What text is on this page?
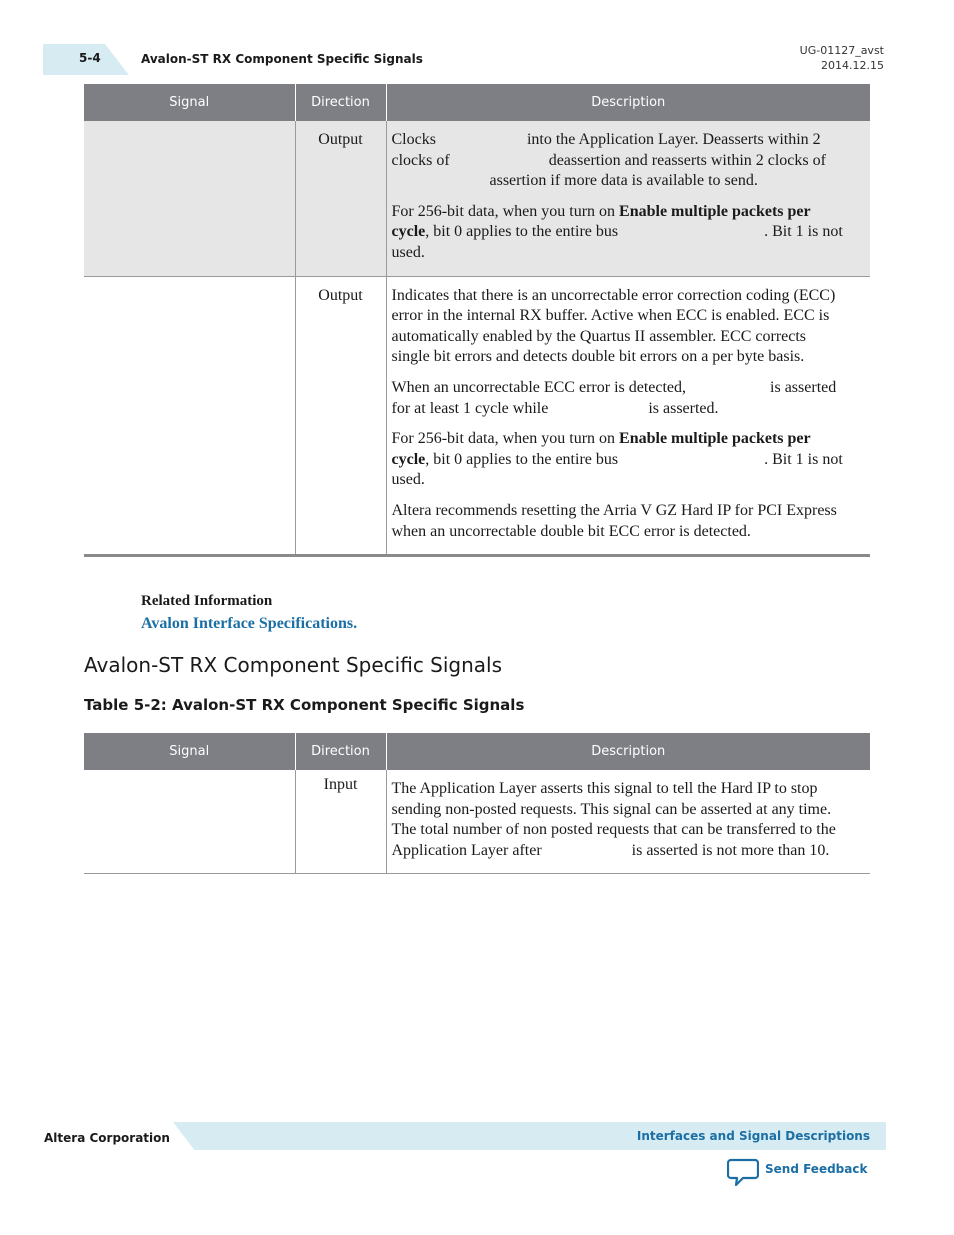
5-4	Avalon-ST RX Component Specific Signals
UG-01127_avst
2014.12.15
Signal	Direction	Description
	Output	Clocks into the Application Layer. Deasserts within 2 clocks of deassertion and reasserts within 2 clocks ofassertion if more data is available to send.

For 256-bit data, when you turn on Enable multiple packets per cycle, bit 0 applies to the entire bus . Bit 1 is not used.

	Output	Indicates that there is an uncorrectable error correction coding (ECC) error in the internal RX buffer. Active when ECC is enabled. ECC is automatically enabled by the Quartus II assembler. ECC corrects single bit errors and detects double bit errors on a per byte basis.

When an uncorrectable ECC error is detected, is asserted for at least 1 cycle while is asserted.

For 256-bit data, when you turn on Enable multiple packets per cycle, bit 0 applies to the entire bus . Bit 1 is not used.

Altera recommends resetting the Arria V GZ Hard IP for PCI Express when an uncorrectable double bit ECC error is detected.

Related Information
Avalon Interface Specifications.
Avalon-ST RX Component Specific Signals
Table 5-2: Avalon-ST RX Component Specific Signals
Signal	Direction	Description
	Input	The Application Layer asserts this signal to tell the Hard IP to stop sending non-posted requests. This signal can be asserted at any time. The total number of non posted requests that can be transferred to the Application Layer after is asserted is not more than 10.

Altera Corporation	Interfaces and Signal Descriptions
Send Feedback
